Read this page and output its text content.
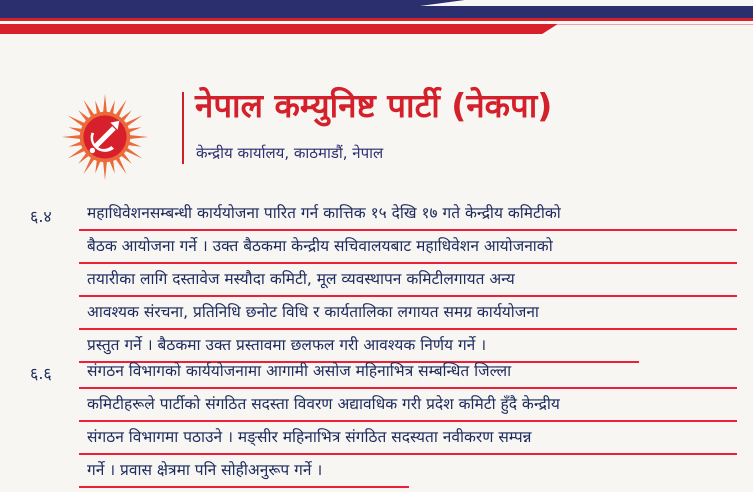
नेपाल कम्युनिष्ट पार्टी (नेकपा)
केन्द्रीय कार्यालय, काठमाडौं, नेपाल
६.४	महाधिवेशनसम्बन्धी कार्ययोजना पारित गर्न कात्तिक १५ देखि १७ गते केन्द्रीय कमिटीको
बैठक आयोजना गर्ने । उक्त बैठकमा केन्द्रीय सचिवालयबाट महाधिवेशन आयोजनाको
तयारीका लागि दस्तावेज मस्यौदा कमिटी, मूल व्यवस्थापन कमिटीलगायत अन्य
आवश्यक संरचना, प्रतिनिधि छनोट विधि र कार्यतालिका लगायत समग्र कार्ययोजना
प्रस्तुत गर्ने । बैठकमा उक्त प्रस्तावमा छलफल गरी आवश्यक निर्णय गर्ने ।
६.६	संगठन विभागको कार्ययोजनामा आगामी असोज महिनाभित्र सम्बन्धित जिल्ला
कमिटीहरूले पार्टीको संगठित सदस्ता विवरण अद्यावधिक गरी प्रदेश कमिटी हुँदै केन्द्रीय
संगठन विभागमा पठाउने । मङ्सीर महिनाभित्र संगठित सदस्यता नवीकरण सम्पन्न
गर्ने । प्रवास क्षेत्रमा पनि सोहीअनुरूप गर्ने ।
